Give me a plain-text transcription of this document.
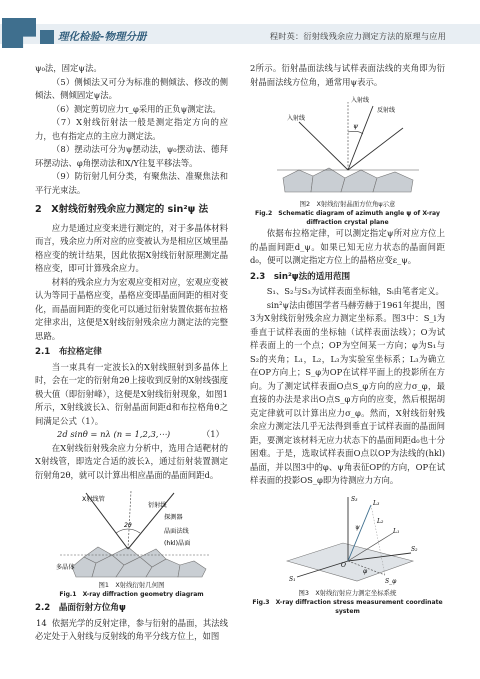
理化检验-物理分册	程时英：衍射线残余应力测定方法的原理与应用

ψ₀法，固定ψ法。

（5）侧倾法又可分为标准的侧倾法、修改的侧倾法、侧倾固定ψ法。

（6）测定剪切应力τ_φ采用的正负ψ测定法。

（7）X射线衍射法一般是测定指定方向的应力，也有指定点的主应力测定法。

（8）摆动法可分为ψ摆动法，ψ₀摆动法、德拜环摆动法、φ角摆动法和X/Y往复平移法等。

（9）防衍射几何分类，有聚焦法、准聚焦法和平行光束法。

2　X射线衍射残余应力测定的 sin²ψ 法

应力是通过应变来进行测定的，对于多晶体材料而言，残余应力所对应的应变被认为是相应区域里晶格应变的统计结果，因此依据X射线衍射原理测定晶格应变，即可计算残余应力。

材料的残余应力为宏观应变相对应，宏观应变被认为等同于晶格应变，晶格应变即晶面间距的相对变化，而晶面间距的变化可以通过衍射装置依据布拉格定律求出，这便是X射线衍射残余应力测定法的完整思路。

2.1　布拉格定律

当一束具有一定波长λ的X射线照射到多晶体上时，会在一定的衍射角2θ上接收到反射的X射线强度极大值（即衍射峰），这便是X射线衍射现象，如图1所示，X射线波长λ、衍射晶面间距d和布拉格角θ之间满足公式（1）。

2d sinθ = nλ (n = 1,2,3,⋯)	（1）

在X射线衍射残余应力分析中，选用合适靶材的X射线管，即选定合适的波长λ，通过衍射装置测定衍射角2θ，就可以计算出相应晶面的晶面间距d。

X射线管
衍射线
探测器
晶面法线
(hkl)晶面
多晶体
2θ
图1　X射线衍射几何图
Fig.1　X-ray diffraction geometry diagram
2.2　晶面衍射方位角ψ

依据光学的反射定律，参与衍射的晶面，其法线必定处于入射线与反射线的角平分线方位上，如图

2所示。衍射晶面法线与试样表面法线的夹角即为衍射晶面法线方位角，通常用ψ表示。

ψ
入射线
反射线
入射线
图2　X射线衍射晶面方位角ψ示意
Fig.2　Schematic diagram of azimuth angle ψ of X-ray diffraction crystal plane

依据布拉格定律，可以测定指定ψ所对应方位上的晶面间距d_ψ。如果已知无应力状态的晶面间距d₀，便可以测定指定方位上的晶格应变ε_ψ。

2.3　sin²ψ法的适用范围

S₁、S₂与S₃为试样表面坐标轴，Sᵢ由笔者定义。

sin²ψ法由德国学者马赫劳赫于1961年提出，图3为X射线衍射残余应力测定坐标系。图3中：S_i为垂直于试样表面的坐标轴（试样表面法线）；O为试样表面上的一个点；OP为空间某一方向；φ为S₁与S₂的夹角；L₁，L₂，L₃为实验室坐标系；L₃为确立在OP方向上；S_φ为OP在试样平面上的投影所在方向。为了测定试样表面O点S_φ方向的应力σ_φ，最直接的办法是求出O点S_φ方向的应变，然后根据胡克定律就可以计算出应力σ_φ。然而，X射线衍射残余应力测定法几乎无法得到垂直于试样表面的晶面间距，要测定该材料无应力状态下的晶面间距d₀也十分困难。于是，选取试样表面O点以OP为法线的(hkl)晶面，并以图3中的φ、ψ角表征OP的方向，OP在试样表面的投影OS_φ即为待测应力方向。

S₃
L₃
S₁
S₂
L₁
L₂
O
S_φ
ψ
φ
图3　X射线衍射应力测定坐标系统
Fig.3　X-ray diffraction stress measurement coordinate system
14
